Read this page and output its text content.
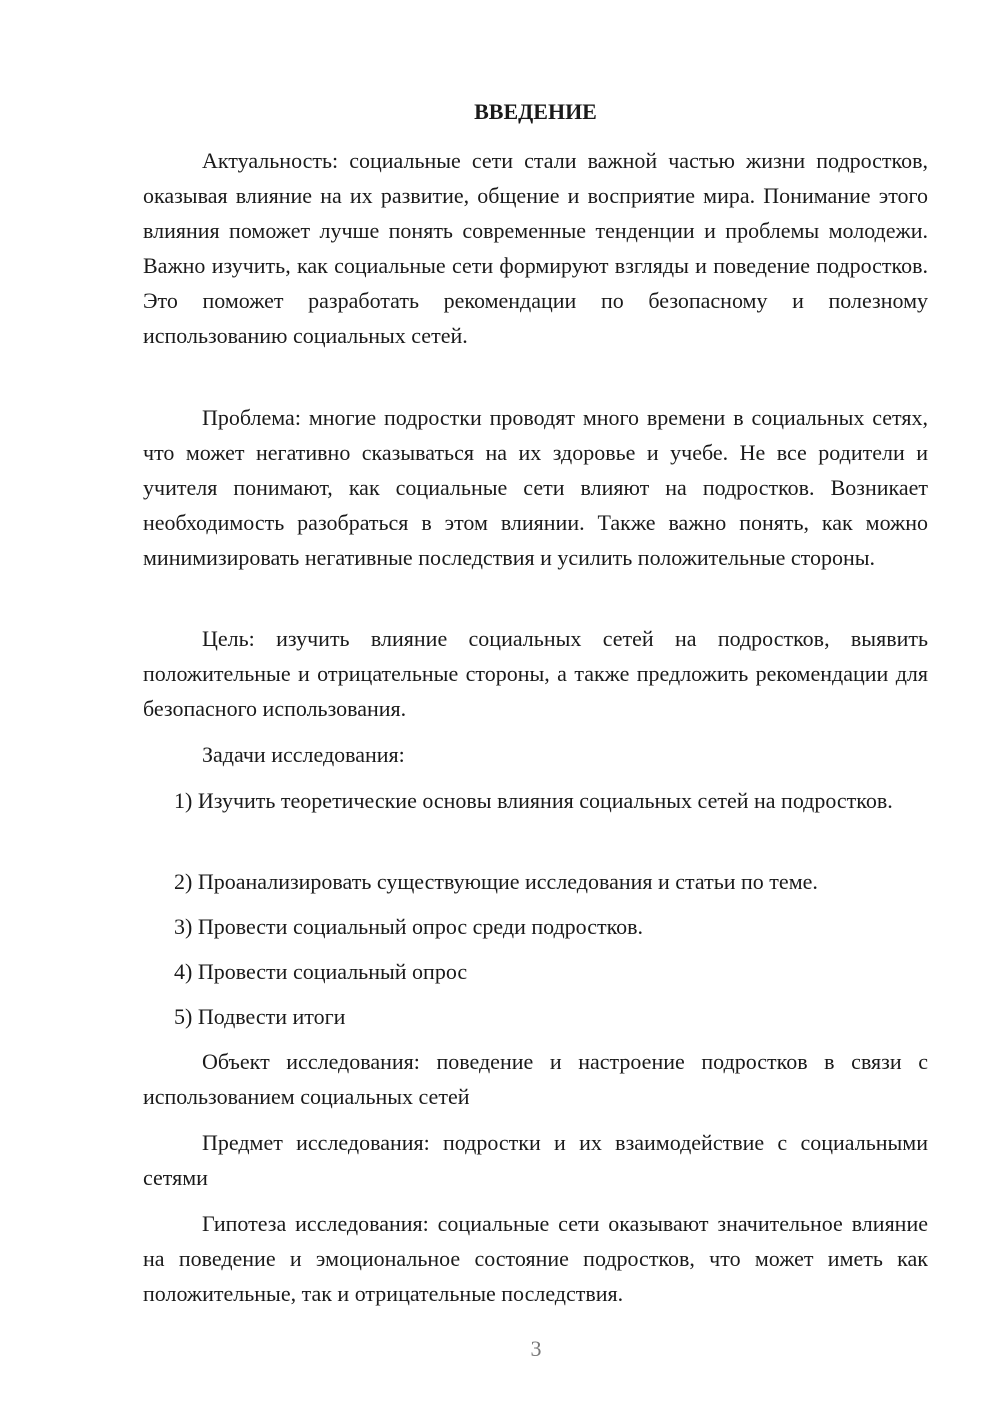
ВВЕДЕНИЕ

Актуальность: социальные сети стали важной частью жизни подростков, оказывая влияние на их развитие, общение и восприятие мира. Понимание этого влияния поможет лучше понять современные тенденции и проблемы молодежи. Важно изучить, как социальные сети формируют взгляды и поведение подростков. Это поможет разработать рекомендации по безопасному и полезному использованию социальных сетей.

Проблема: многие подростки проводят много времени в социальных сетях, что может негативно сказываться на их здоровье и учебе. Не все родители и учителя понимают, как социальные сети влияют на подростков. Возникает необходимость разобраться в этом влиянии. Также важно понять, как можно минимизировать негативные последствия и усилить положительные стороны.

Цель: изучить влияние социальных сетей на подростков, выявить положительные и отрицательные стороны, а также предложить рекомендации для безопасного использования.

Задачи исследования:

1) Изучить теоретические основы влияния социальных сетей на подростков.

2) Проанализировать существующие исследования и статьи по теме.

3) Провести социальный опрос среди подростков.

4) Провести социальный опрос

5) Подвести итоги

Объект исследования: поведение и настроение подростков в связи с использованием социальных сетей

Предмет исследования: подростки и их взаимодействие с социальными сетями

Гипотеза исследования: социальные сети оказывают значительное влияние на поведение и эмоциональное состояние подростков, что может иметь как положительные, так и отрицательные последствия.

3
